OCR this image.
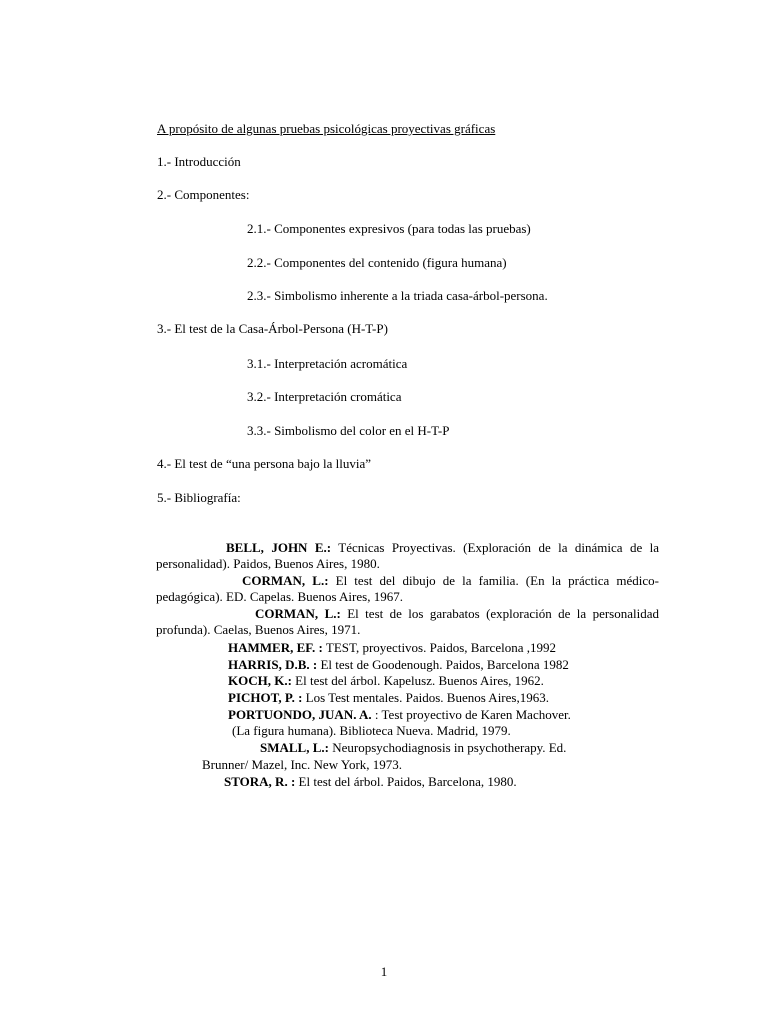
A propósito de algunas pruebas psicológicas proyectivas gráficas
1.- Introducción
2.- Componentes:
2.1.- Componentes expresivos (para todas las pruebas)
2.2.- Componentes del contenido (figura humana)
2.3.- Simbolismo inherente a la triada casa-árbol-persona.
3.- El test de la Casa-Árbol-Persona (H-T-P)
3.1.- Interpretación acromática
3.2.- Interpretación cromática
3.3.- Simbolismo del color en el H-T-P
4.- El test de “una persona bajo la lluvia”
5.- Bibliografía:
BELL, JOHN E.: Técnicas Proyectivas. (Exploración de la dinámica de la personalidad). Paidos, Buenos Aires, 1980.
CORMAN, L.: El test del dibujo de la familia. (En la práctica médico-pedagógica). ED. Capelas. Buenos Aires, 1967.
CORMAN, L.: El test de los garabatos (exploración de la personalidad profunda). Caelas, Buenos Aires, 1971.
HAMMER, EF. : TEST, proyectivos. Paidos, Barcelona ,1992
HARRIS, D.B. : El test de Goodenough. Paidos, Barcelona 1982
KOCH, K.: El test del árbol. Kapelusz. Buenos Aires, 1962.
PICHOT, P. : Los Test mentales. Paidos. Buenos Aires,1963.
PORTUONDO, JUAN. A. : Test proyectivo de Karen Machover.
(La figura humana). Biblioteca Nueva. Madrid, 1979.
SMALL, L.: Neuropsychodiagnosis in psychotherapy. Ed.
Brunner/ Mazel, Inc. New York, 1973.
STORA, R. : El test del árbol. Paidos, Barcelona, 1980.
1
